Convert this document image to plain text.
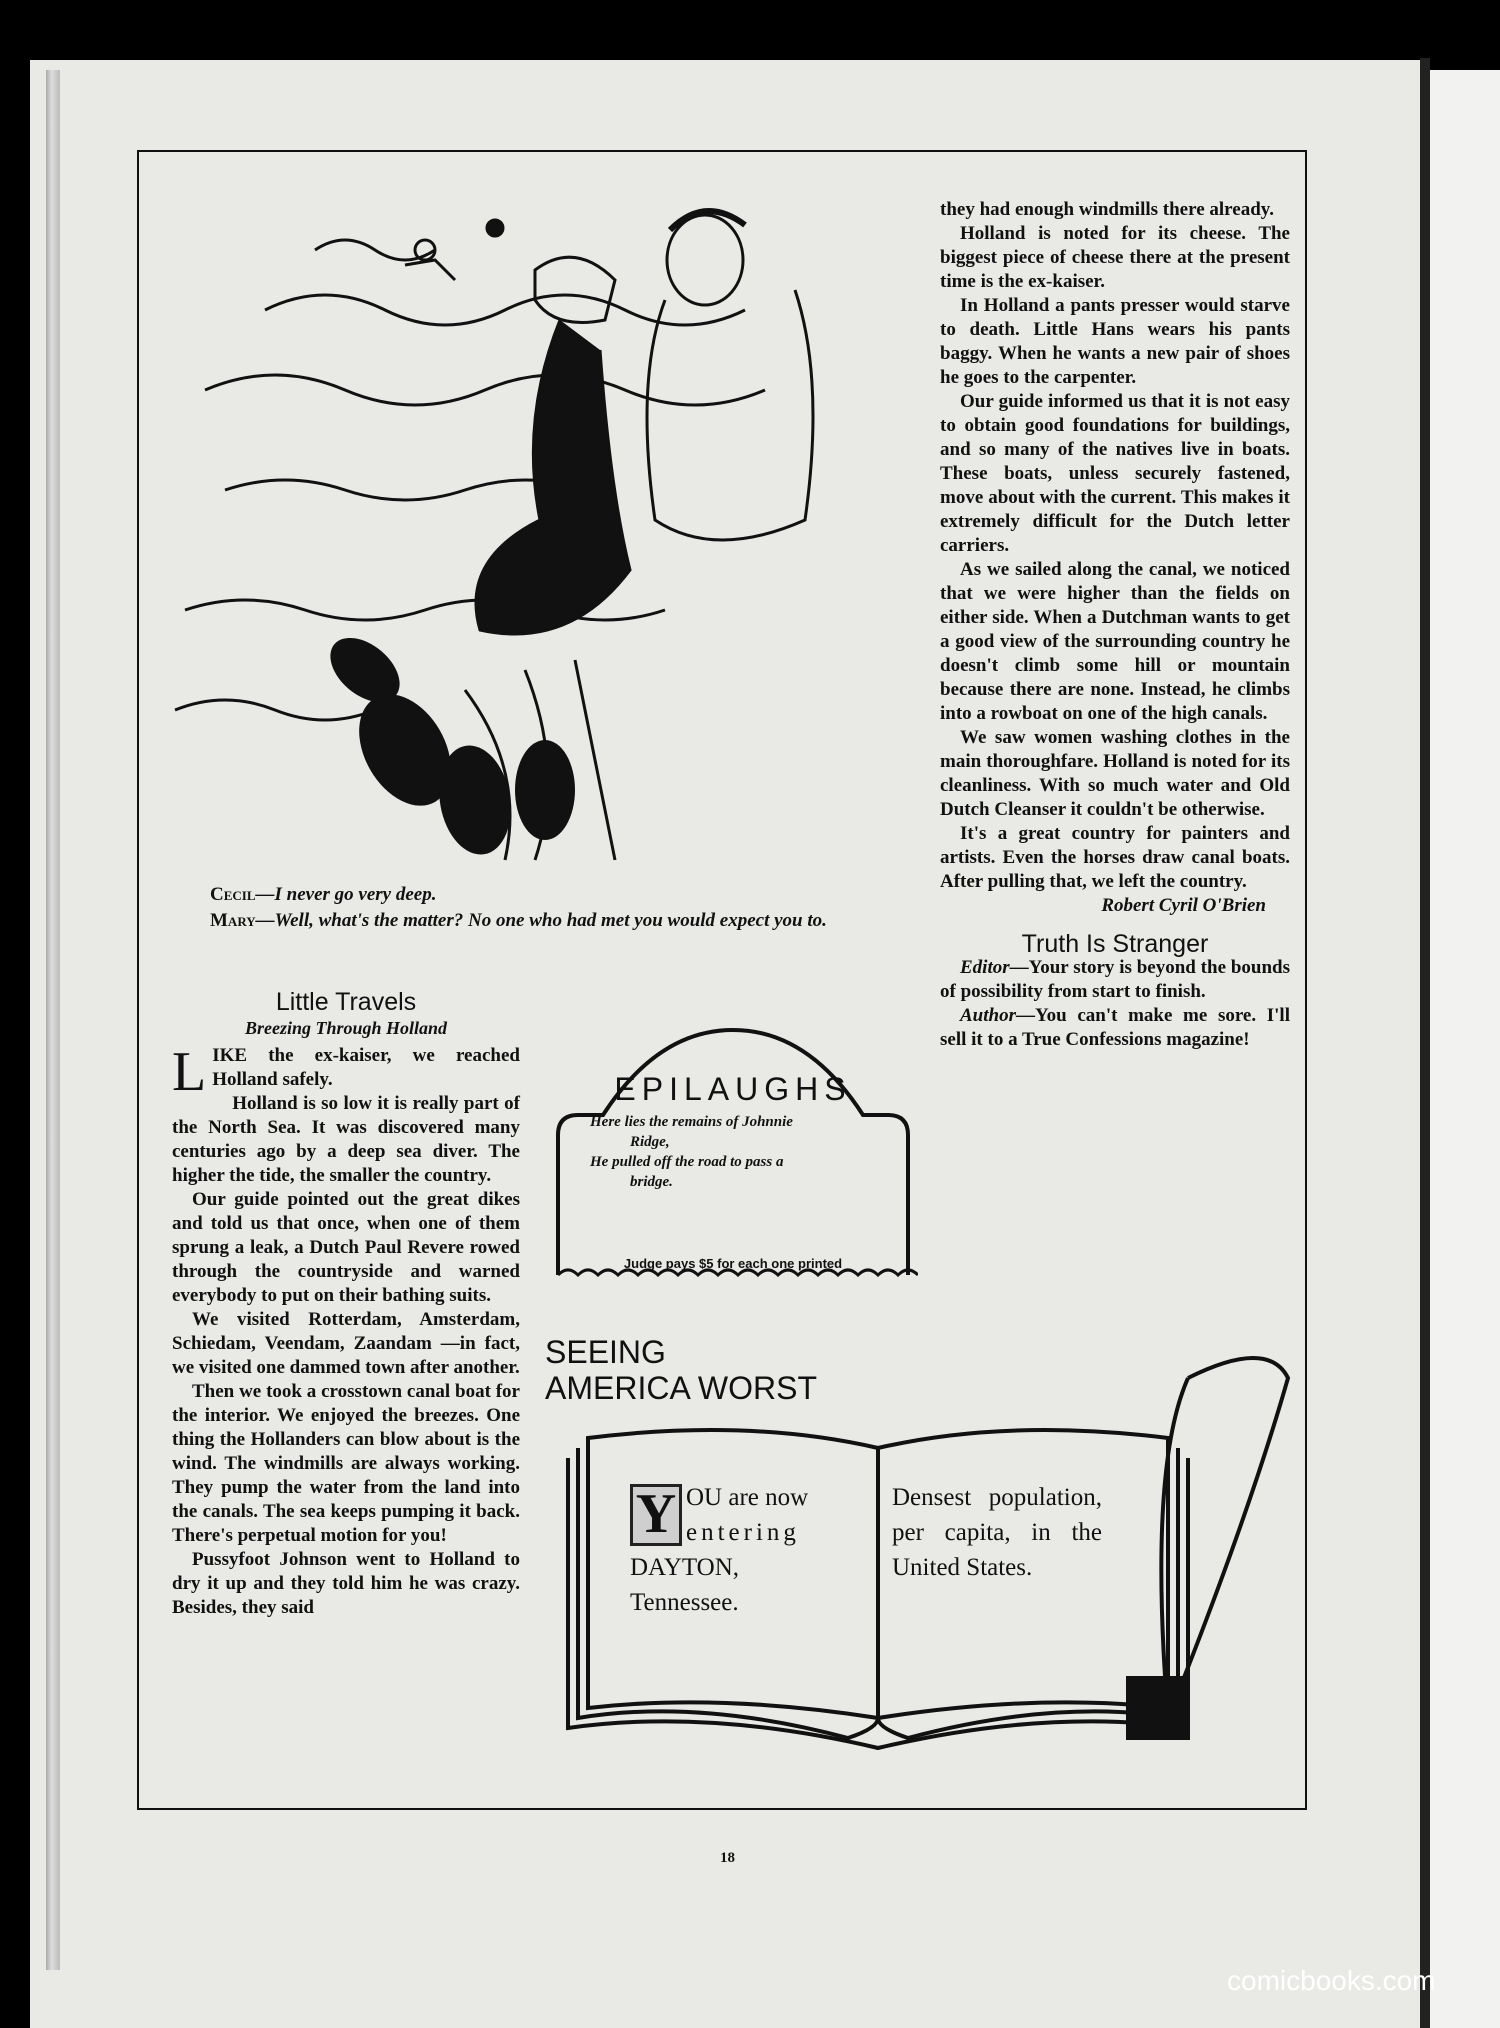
Cecil—I never go very deep.
Mary—Well, what's the matter? No one who had met you would expect you to.

they had enough windmills there already.

Holland is noted for its cheese. The biggest piece of cheese there at the present time is the ex-kaiser.

In Holland a pants presser would starve to death. Little Hans wears his pants baggy. When he wants a new pair of shoes he goes to the carpenter.

Our guide informed us that it is not easy to obtain good foundations for buildings, and so many of the natives live in boats. These boats, unless securely fastened, move about with the current. This makes it extremely difficult for the Dutch letter carriers.

As we sailed along the canal, we noticed that we were higher than the fields on either side. When a Dutchman wants to get a good view of the surrounding country he doesn't climb some hill or mountain because there are none. Instead, he climbs into a rowboat on one of the high canals.

We saw women washing clothes in the main thoroughfare. Holland is noted for its cleanliness. With so much water and Old Dutch Cleanser it couldn't be otherwise.

It's a great country for painters and artists. Even the horses draw canal boats. After pulling that, we left the country.

Robert Cyril O'Brien
Truth Is Stranger

Editor—Your story is beyond the bounds of possibility from start to finish.

Author—You can't make me sore. I'll sell it to a True Confessions magazine!

Little Travels
Breezing Through Holland

LIKE the ex-kaiser, we reached Holland safely.

Holland is so low it is really part of the North Sea. It was discovered many centuries ago by a deep sea diver. The higher the tide, the smaller the country.

Our guide pointed out the great dikes and told us that once, when one of them sprung a leak, a Dutch Paul Revere rowed through the countryside and warned everybody to put on their bathing suits.

We visited Rotterdam, Amsterdam, Schiedam, Veendam, Zaandam —in fact, we visited one dammed town after another.

Then we took a crosstown canal boat for the interior. We enjoyed the breezes. One thing the Hollanders can blow about is the wind. The windmills are always working. They pump the water from the land into the canals. The sea keeps pumping it back. There's perpetual motion for you!

Pussyfoot Johnson went to Holland to dry it up and they told him he was crazy. Besides, they said

EPILAUGHS
Judge pays $5 for each one printed
Here lies the remains of Johnnie
Ridge,
He pulled off the road to pass a
bridge.
SEEING
AMERICA WORST
Y OU are now
entering
DAYTON,
Tennessee.
Densest population, per capita, in the United States.
18
comicbooks.com
